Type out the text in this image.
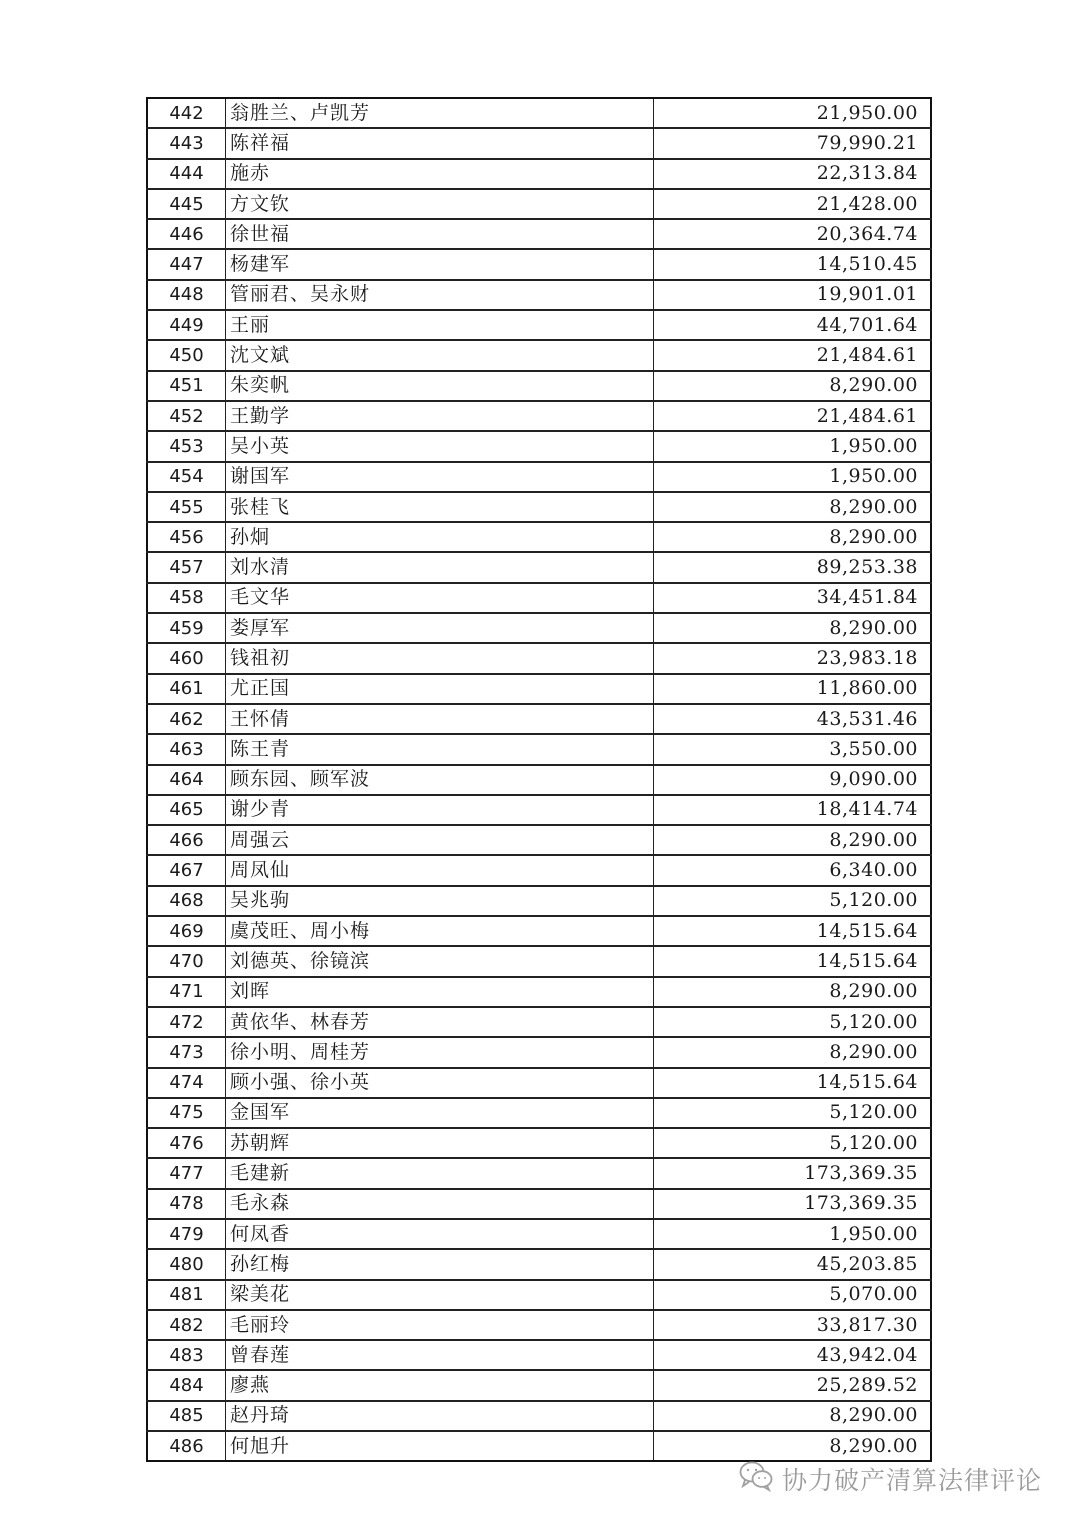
442	翁胜兰、卢凯芳	21,950.00
443	陈祥福	79,990.21
444	施赤	22,313.84
445	方文钦	21,428.00
446	徐世福	20,364.74
447	杨建军	14,510.45
448	管丽君、吴永财	19,901.01
449	王丽	44,701.64
450	沈文斌	21,484.61
451	朱奕帆	8,290.00
452	王勤学	21,484.61
453	吴小英	1,950.00
454	谢国军	1,950.00
455	张桂飞	8,290.00
456	孙炯	8,290.00
457	刘水清	89,253.38
458	毛文华	34,451.84
459	娄厚军	8,290.00
460	钱祖初	23,983.18
461	尤正国	11,860.00
462	王怀倩	43,531.46
463	陈王青	3,550.00
464	顾东园、顾军波	9,090.00
465	谢少青	18,414.74
466	周强云	8,290.00
467	周凤仙	6,340.00
468	吴兆驹	5,120.00
469	虞茂旺、周小梅	14,515.64
470	刘德英、徐镜滨	14,515.64
471	刘晖	8,290.00
472	黄依华、林春芳	5,120.00
473	徐小明、周桂芳	8,290.00
474	顾小强、徐小英	14,515.64
475	金国军	5,120.00
476	苏朝辉	5,120.00
477	毛建新	173,369.35
478	毛永森	173,369.35
479	何凤香	1,950.00
480	孙红梅	45,203.85
481	梁美花	5,070.00
482	毛丽玲	33,817.30
483	曾春莲	43,942.04
484	廖燕	25,289.52
485	赵丹琦	8,290.00
486	何旭升	8,290.00
协力破产清算法律评论
